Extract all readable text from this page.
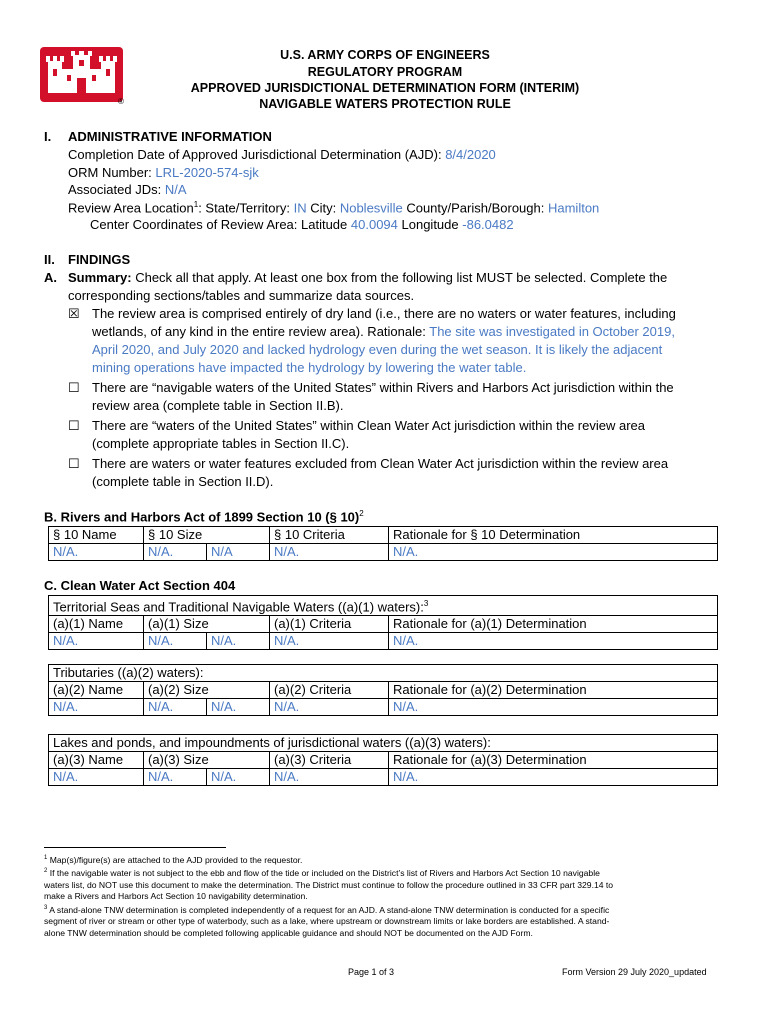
®
U.S. ARMY CORPS OF ENGINEERS
REGULATORY PROGRAM
APPROVED JURISDICTIONAL DETERMINATION FORM (INTERIM)
NAVIGABLE WATERS PROTECTION RULE
I. ADMINISTRATIVE INFORMATION
Completion Date of Approved Jurisdictional Determination (AJD): 8/4/2020
ORM Number: LRL-2020-574-sjk
Associated JDs: N/A
Review Area Location$^1$: State/Territory: IN City: Noblesville County/Parish/Borough: Hamilton
Center Coordinates of Review Area: Latitude 40.0094 Longitude -86.0482
II. FINDINGS
A. Summary: Check all that apply. At least one box from the following list MUST be selected. Complete the
corresponding sections/tables and summarize data sources.
☒ The review area is comprised entirely of dry land (i.e., there are no waters or water features, including
wetlands, of any kind in the entire review area). Rationale: The site was investigated in October 2019,
April 2020, and July 2020 and lacked hydrology even during the wet season. It is likely the adjacent
mining operations have impacted the hydrology by lowering the water table.
☐ There are “navigable waters of the United States” within Rivers and Harbors Act jurisdiction within the
review area (complete table in Section II.B).
☐ There are “waters of the United States” within Clean Water Act jurisdiction within the review area
(complete appropriate tables in Section II.C).
☐ There are waters or water features excluded from Clean Water Act jurisdiction within the review area
(complete table in Section II.D).
B. Rivers and Harbors Act of 1899 Section 10 (§ 10)$^2$
§ 10 Name	§ 10 Size		§ 10 Criteria	Rationale for § 10 Determination
N/A.	N/A.	N/A	N/A.	N/A.
C. Clean Water Act Section 404
Territorial Seas and Traditional Navigable Waters ((a)(1) waters):$^3$
(a)(1) Name	(a)(1) Size		(a)(1) Criteria	Rationale for (a)(1) Determination
N/A.	N/A.	N/A.	N/A.	N/A.
Tributaries ((a)(2) waters):				
(a)(2) Name	(a)(2) Size		(a)(2) Criteria	Rationale for (a)(2) Determination
N/A.	N/A.	N/A.	N/A.	N/A.
Lakes and ponds, and impoundments of jurisdictional waters ((a)(3) waters):				
(a)(3) Name	(a)(3) Size		(a)(3) Criteria	Rationale for (a)(3) Determination
N/A.	N/A.	N/A.	N/A.	N/A.
$^1$ Map(s)/figure(s) are attached to the AJD provided to the requestor.
$^2$ If the navigable water is not subject to the ebb and flow of the tide or included on the District’s list of Rivers and Harbors Act Section 10 navigable
waters list, do NOT use this document to make the determination. The District must continue to follow the procedure outlined in 33 CFR part 329.14 to
make a Rivers and Harbors Act Section 10 navigability determination.
$^3$ A stand-alone TNW determination is completed independently of a request for an AJD. A stand-alone TNW determination is conducted for a specific
segment of river or stream or other type of waterbody, such as a lake, where upstream or downstream limits or lake borders are established. A stand-
alone TNW determination should be completed following applicable guidance and should NOT be documented on the AJD Form.
Page 1 of 3	Form Version 29 July 2020_updated
